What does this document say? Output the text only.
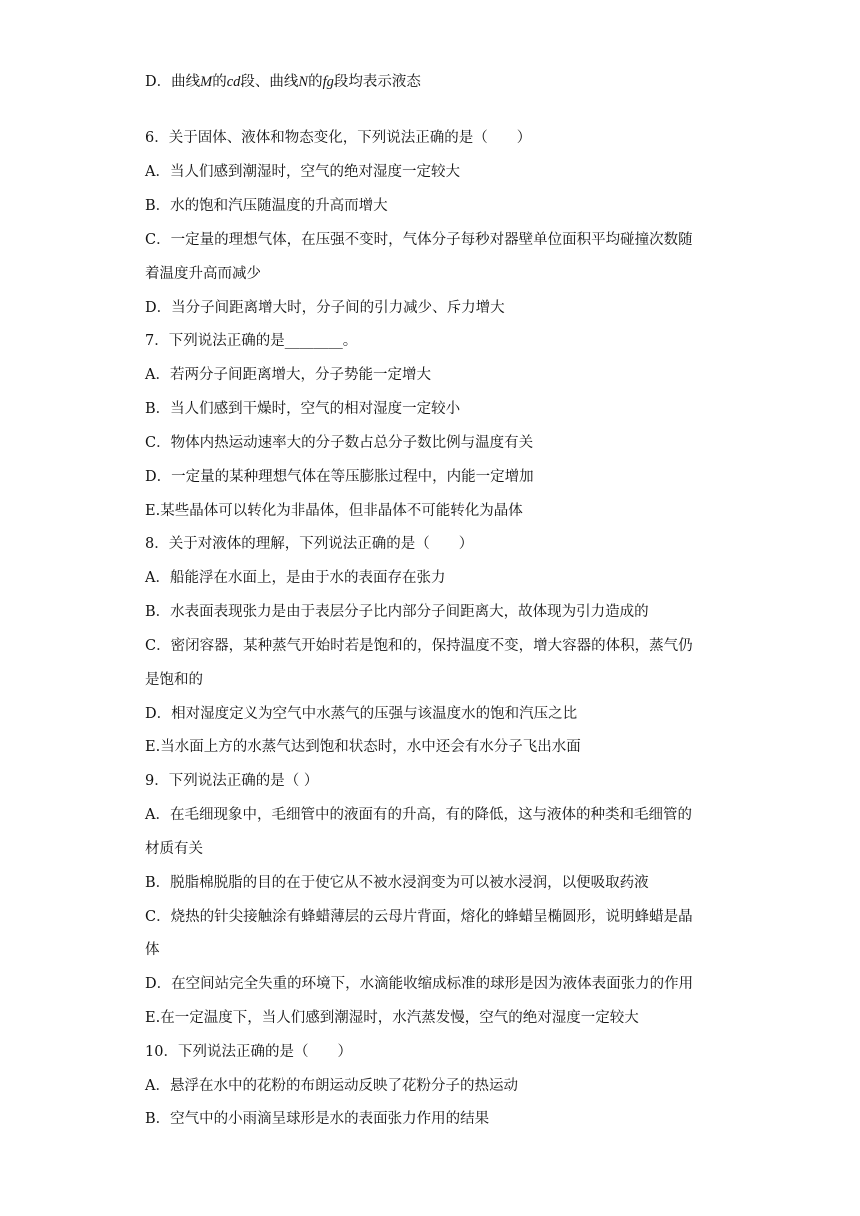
D．曲线M的cd段、曲线N的fg段均表示液态
6．关于固体、液体和物态变化，下列说法正确的是（　　）
A．当人们感到潮湿时，空气的绝对湿度一定较大
B．水的饱和汽压随温度的升高而增大
C．一定量的理想气体，在压强不变时，气体分子每秒对器壁单位面积平均碰撞次数随
着温度升高而减少
D．当分子间距离增大时，分子间的引力减少、斥力增大
7．下列说法正确的是________。
A．若两分子间距离增大，分子势能一定增大
B．当人们感到干燥时，空气的相对湿度一定较小
C．物体内热运动速率大的分子数占总分子数比例与温度有关
D．一定量的某种理想气体在等压膨胀过程中，内能一定增加
E.某些晶体可以转化为非晶体，但非晶体不可能转化为晶体
8．关于对液体的理解，下列说法正确的是（　　）
A．船能浮在水面上，是由于水的表面存在张力
B．水表面表现张力是由于表层分子比内部分子间距离大，故体现为引力造成的
C．密闭容器，某种蒸气开始时若是饱和的，保持温度不变，增大容器的体积，蒸气仍
是饱和的
D．相对湿度定义为空气中水蒸气的压强与该温度水的饱和汽压之比
E.当水面上方的水蒸气达到饱和状态时，水中还会有水分子飞出水面
9．下列说法正确的是（ ）
A．在毛细现象中，毛细管中的液面有的升高，有的降低，这与液体的种类和毛细管的
材质有关
B．脱脂棉脱脂的目的在于使它从不被水浸润变为可以被水浸润，以便吸取药液
C．烧热的针尖接触涂有蜂蜡薄层的云母片背面，熔化的蜂蜡呈椭圆形，说明蜂蜡是晶
体
D．在空间站完全失重的环境下，水滴能收缩成标准的球形是因为液体表面张力的作用
E.在一定温度下，当人们感到潮湿时，水汽蒸发慢，空气的绝对湿度一定较大
10．下列说法正确的是（　　）
A．悬浮在水中的花粉的布朗运动反映了花粉分子的热运动
B．空气中的小雨滴呈球形是水的表面张力作用的结果
